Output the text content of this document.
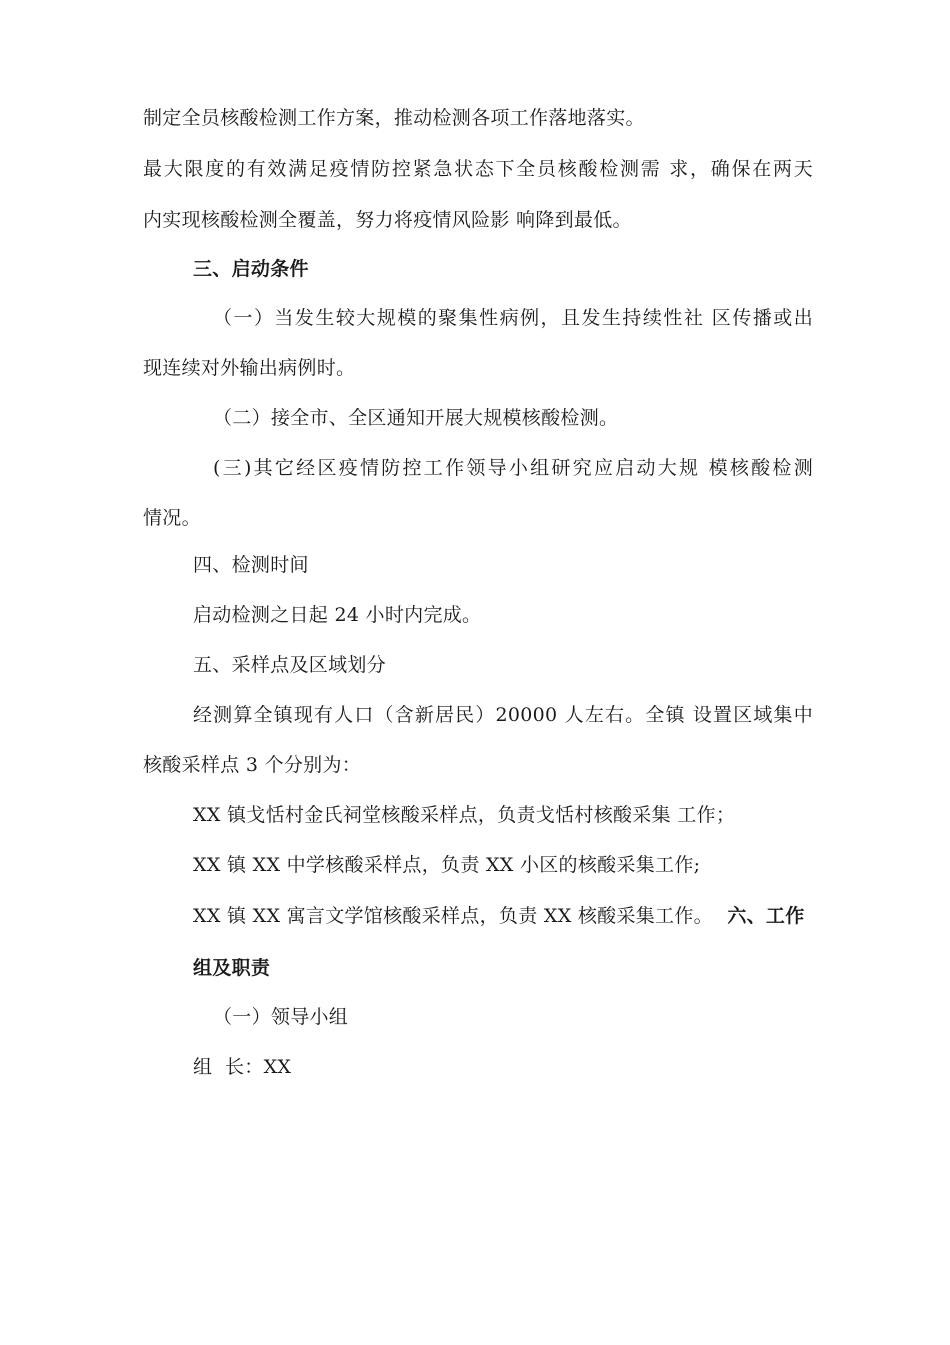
制定全员核酸检测工作方案，推动检测各项工作落地落实。
最大限度的有效满足疫情防控紧急状态下全员核酸检测需 求，确保在两天
内实现核酸检测全覆盖，努力将疫情风险影 响降到最低。
三、启动条件
（一）当发生较大规模的聚集性病例，且发生持续性社 区传播或出
现连续对外输出病例时。
（二）接全市、全区通知开展大规模核酸检测。
(三)其它经区疫情防控工作领导小组研究应启动大规 模核酸检测
情况。
四、检测时间
启动检测之日起 24 小时内完成。
五、采样点及区域划分
经测算全镇现有人口（含新居民）20000 人左右。全镇 设置区域集中
核酸采样点 3 个分别为：
XX 镇戈恬村金氏祠堂核酸采样点，负责戈恬村核酸采集 工作；
XX 镇 XX 中学核酸采样点，负责 XX 小区的核酸采集工作;
XX 镇 XX 寓言文学馆核酸采样点，负责 XX 核酸采集工作。 六、工作
组及职责
（一）领导小组
组  长：XX
